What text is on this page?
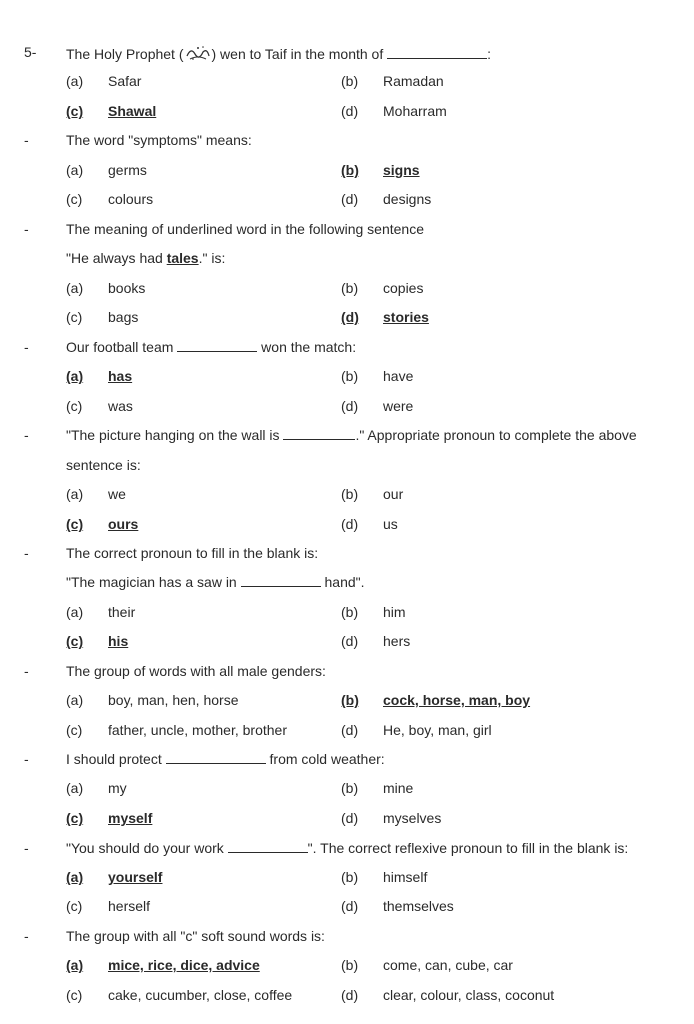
5-	The Holy Prophet ( ) wen to Taif in the month of	:
(a)	Safar	(b)	Ramadan
(c)	Shawal	(d)	Moharram
-	The word "symptoms" means:
(a)	germs	(b)	signs
(c)	colours	(d)	designs
-	The meaning of underlined word in the following sentence
"He always had tales." is:
(a)	books	(b)	copies
(c)	bags	(d)	stories
-	Our football team	won the match:
(a)	has	(b)	have
(c)	was	(d)	were
-	"The picture hanging on the wall is	." Appropriate pronoun to complete the above
sentence is:
(a)	we	(b)	our
(c)	ours	(d)	us
-	The correct pronoun to fill in the blank is:
"The magician has a saw in	hand".
(a)	their	(b)	him
(c)	his	(d)	hers
-	The group of words with all male genders:
(a)	boy, man, hen, horse	(b)	cock, horse, man, boy
(c)	father, uncle, mother, brother	(d)	He, boy, man, girl
-	I should protect	from cold weather:
(a)	my	(b)	mine
(c)	myself	(d)	myselves
-	"You should do your work	". The correct reflexive pronoun to fill in the blank is:
(a)	yourself	(b)	himself
(c)	herself	(d)	themselves
-	The group with all "c" soft sound words is:
(a)	mice, rice, dice, advice	(b)	come, can, cube, car
(c)	cake, cucumber, close, coffee	(d)	clear, colour, class, coconut
